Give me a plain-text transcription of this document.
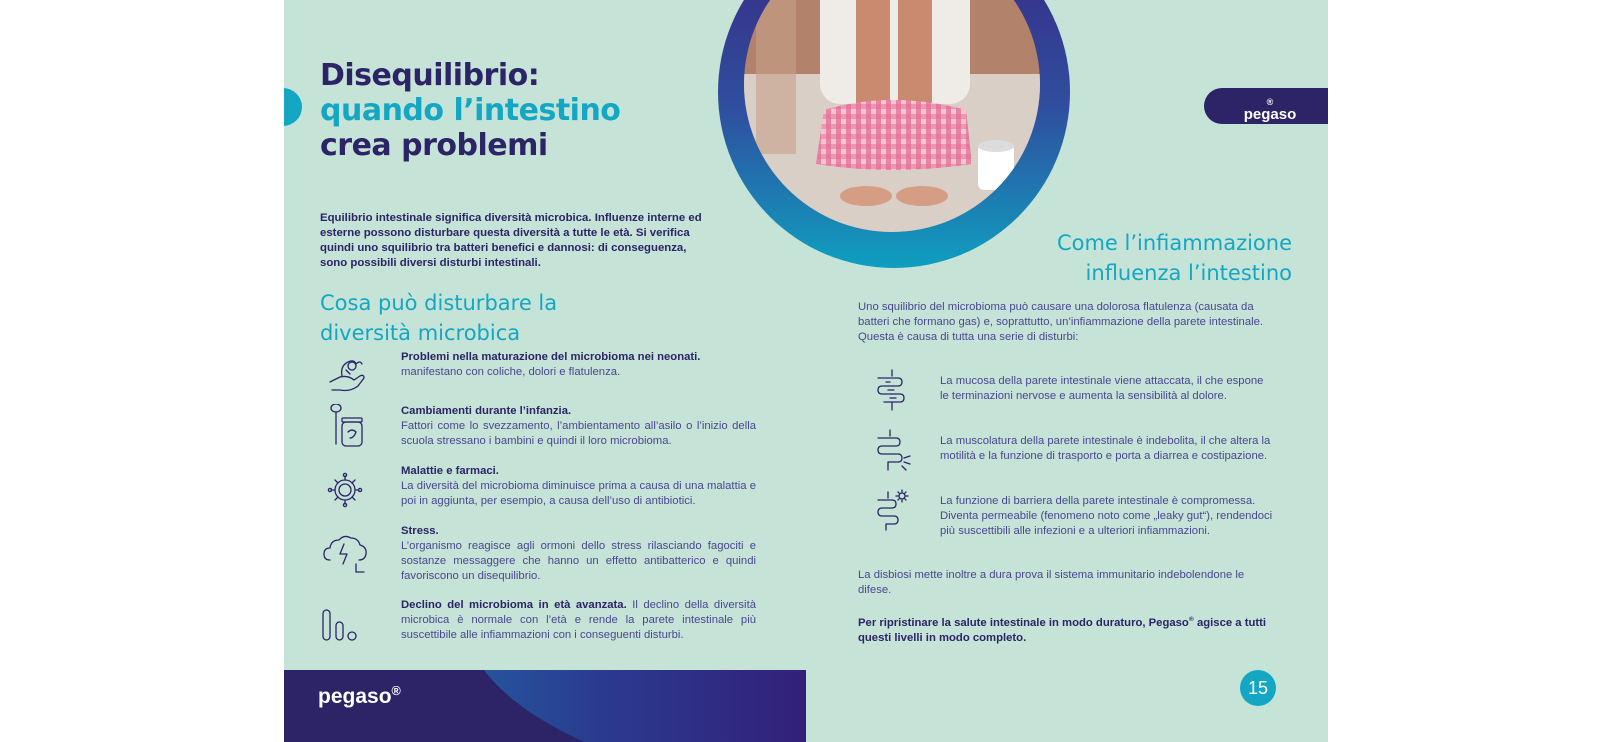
Disequilibrio:
quando l’intestino
crea problemi

Equilibrio intestinale significa diversità microbica. Influenze interne ed esterne possono disturbare questa diversità a tutte le età. Si verifica quindi uno squilibrio tra batteri benefici e dannosi: di conseguenza, sono possibili diversi disturbi intestinali.

Cosa può disturbare la
diversità microbica
Problemi nella maturazione del microbioma nei neonati.
manifestano con coliche, dolori e flatulenza.
Cambiamenti durante l’infanzia.
Fattori come lo svezzamento, l’ambientamento all’asilo o l’inizio della scuola stressano i bambini e quindi il loro microbioma.
Malattie e farmaci.
La diversità del microbioma diminuisce prima a causa di una malattia e poi in aggiunta, per esempio, a causa dell’uso di antibiotici.
Stress.
L’organismo reagisce agli ormoni dello stress rilasciando fagociti e sostanze messaggere che hanno un effetto antibatterico e quindi favoriscono un disequilibrio.
Declino del microbioma in età avanzata. Il declino della diversità microbica è normale con l’età e rende la parete intestinale più suscettibile alle infiammazioni con i conseguenti disturbi.
pegaso®
pegaso
®
Come l’infiammazione
influenza l’intestino

Uno squilibrio del microbioma può causare una dolorosa flatulenza (causata da batteri che formano gas) e, soprattutto, un’infiammazione della parete intestinale. Questa è causa di tutta una serie di disturbi:

La mucosa della parete intestinale viene attaccata, il che espone le terminazioni nervose e aumenta la sensibilità al dolore.
La muscolatura della parete intestinale è indebolita, il che altera la motilità e la funzione di trasporto e porta a diarrea e costipazione.
La funzione di barriera della parete intestinale è compromessa. Diventa permeabile (fenomeno noto come „leaky gut“), rendendoci più suscettibili alle infezioni e a ulteriori infiammazioni.

La disbiosi mette inoltre a dura prova il sistema immunitario indebolendone le difese.

Per ripristinare la salute intestinale in modo duraturo, Pegaso® agisce a tutti questi livelli in modo completo.

15
